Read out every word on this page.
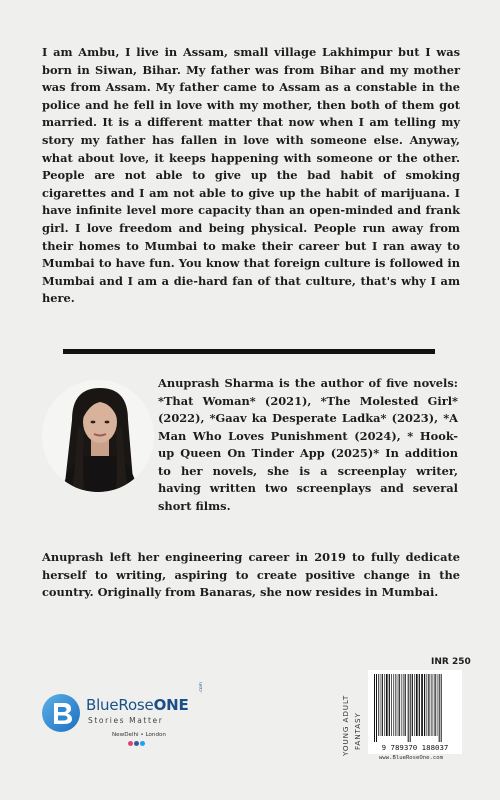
I am Ambu, I live in Assam, small village Lakhimpur but I was born in Siwan, Bihar. My father was from Bihar and my mother was from Assam. My father came to Assam as a constable in the police and he fell in love with my mother, then both of them got married. It is a different matter that now when I am telling my story my father has fallen in love with someone else. Anyway, what about love, it keeps happening with someone or the other. People are not able to give up the bad habit of smoking cigarettes and I am not able to give up the habit of marijuana. I have infinite level more capacity than an open-minded and frank girl. I love freedom and being physical. People run away from their homes to Mumbai to make their career but I ran away to Mumbai to have fun. You know that foreign culture is followed in Mumbai and I am a die-hard fan of that culture, that's why I am here.

Anuprash Sharma is the author of five novels: *That Woman* (2021), *The Molested Girl* (2022), *Gaav ka Desperate Ladka* (2023), *A Man Who Loves Punishment (2024), * Hook-up Queen On Tinder App (2025)* In addition to her novels, she is a screenplay writer, having written two screenplays and several short films.

Anuprash left her engineering career in 2019 to fully dedicate herself to writing, aspiring to create positive change in the country. Originally from Banaras, she now resides in Mumbai.

BlueRoseONE
.com
Stories Matter
NewDelhi • London
INR 250
YOUNG ADULT FANTASY	9 789370 188037
www.BlueRoseOne.com
